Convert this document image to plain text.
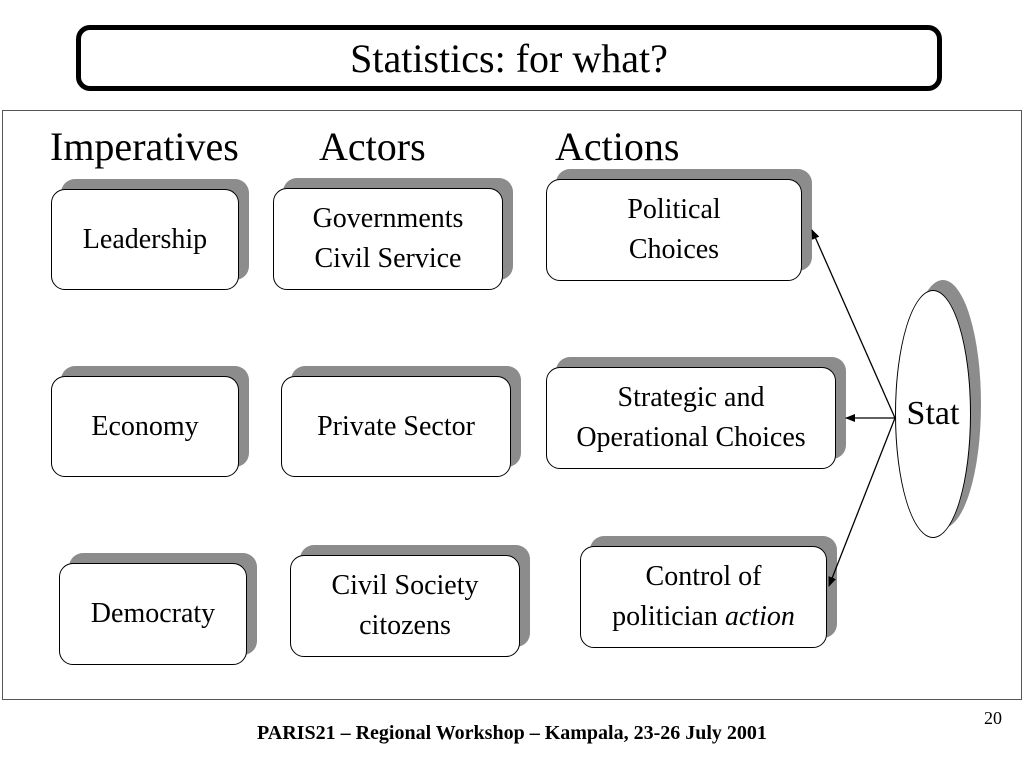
Statistics: for what?
Imperatives Actors	Actions
Leadership
Economy
Democraty
Governments
Civil Service
Private Sector
Civil Society
citozens
Political
Choices
Strategic and
Operational Choices
Control of
politician action
Stat
20
PARIS21 – Regional Workshop – Kampala, 23-26 July 2001
